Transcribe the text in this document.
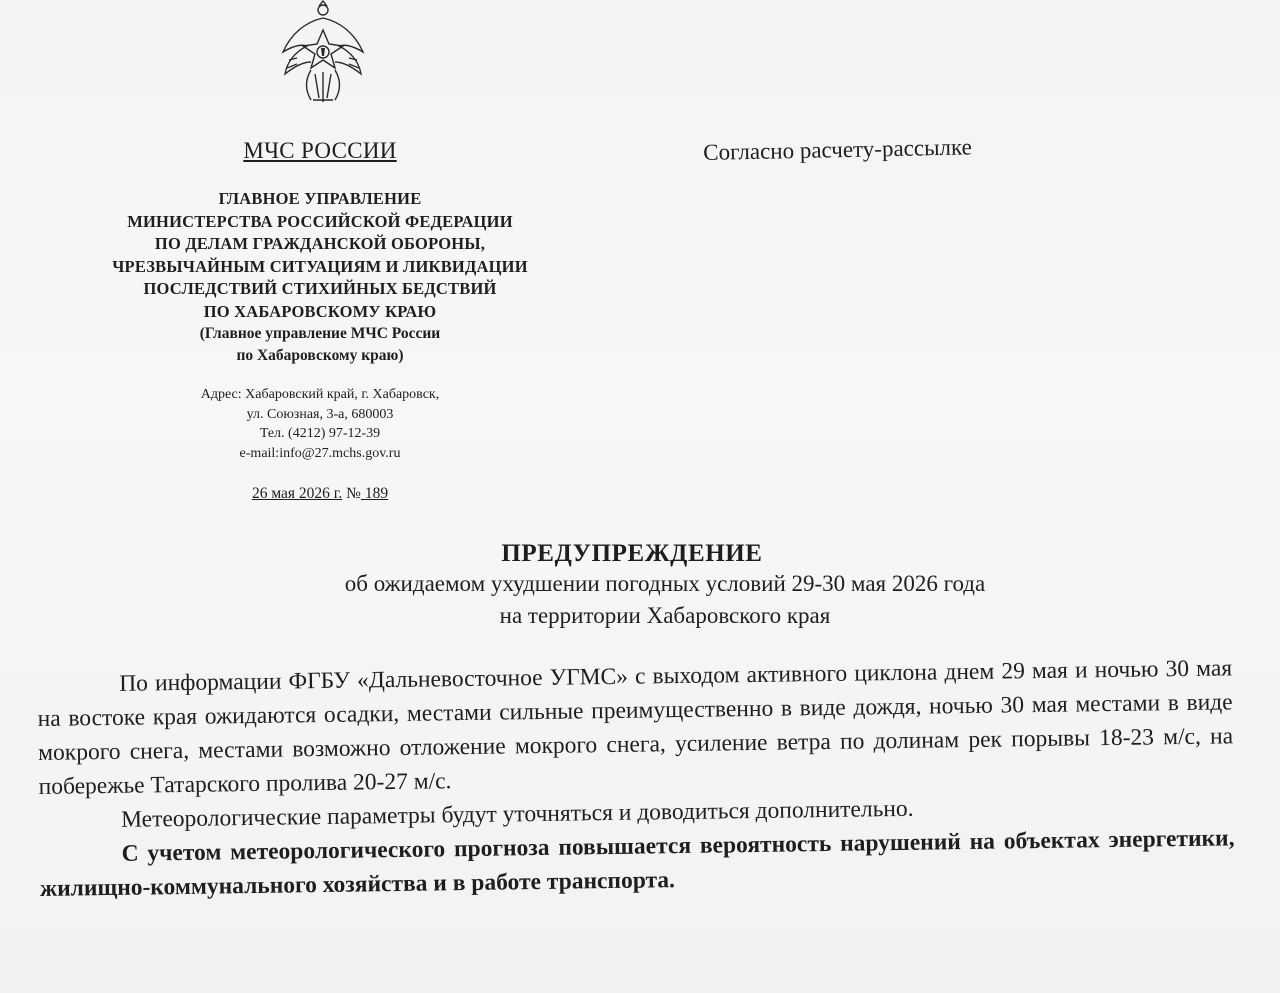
МЧС РОССИИ
ГЛАВНОЕ УПРАВЛЕНИЕ
МИНИСТЕРСТВА РОССИЙСКОЙ ФЕДЕРАЦИИ
ПО ДЕЛАМ ГРАЖДАНСКОЙ ОБОРОНЫ,
ЧРЕЗВЫЧАЙНЫМ СИТУАЦИЯМ И ЛИКВИДАЦИИ
ПОСЛЕДСТВИЙ СТИХИЙНЫХ БЕДСТВИЙ
ПО ХАБАРОВСКОМУ КРАЮ
(Главное управление МЧС России
по Хабаровскому краю)
Адрес: Хабаровский край, г. Хабаровск,
ул. Союзная, 3-а, 680003
Тел. (4212) 97-12-39
e-mail:info@27.mchs.gov.ru
26 мая 2026 г. № 189
Согласно расчету-рассылке
ПРЕДУПРЕЖДЕНИЕ
об ожидаемом ухудшении погодных условий 29-30 мая 2026 года
на территории Хабаровского края

По информации ФГБУ «Дальневосточное УГМС» с выходом активного циклона днем 29 мая и ночью 30 мая на востоке края ожидаются осадки, местами сильные преимущественно в виде дождя, ночью 30 мая местами в виде мокрого снега, местами возможно отложение мокрого снега, усиление ветра по долинам рек порывы 18-23 м/с, на побережье Татарского пролива 20-27 м/с.

Метеорологические параметры будут уточняться и доводиться дополнительно.

С учетом метеорологического прогноза повышается вероятность нарушений на объектах энергетики, жилищно-коммунального хозяйства и в работе транспорта.
